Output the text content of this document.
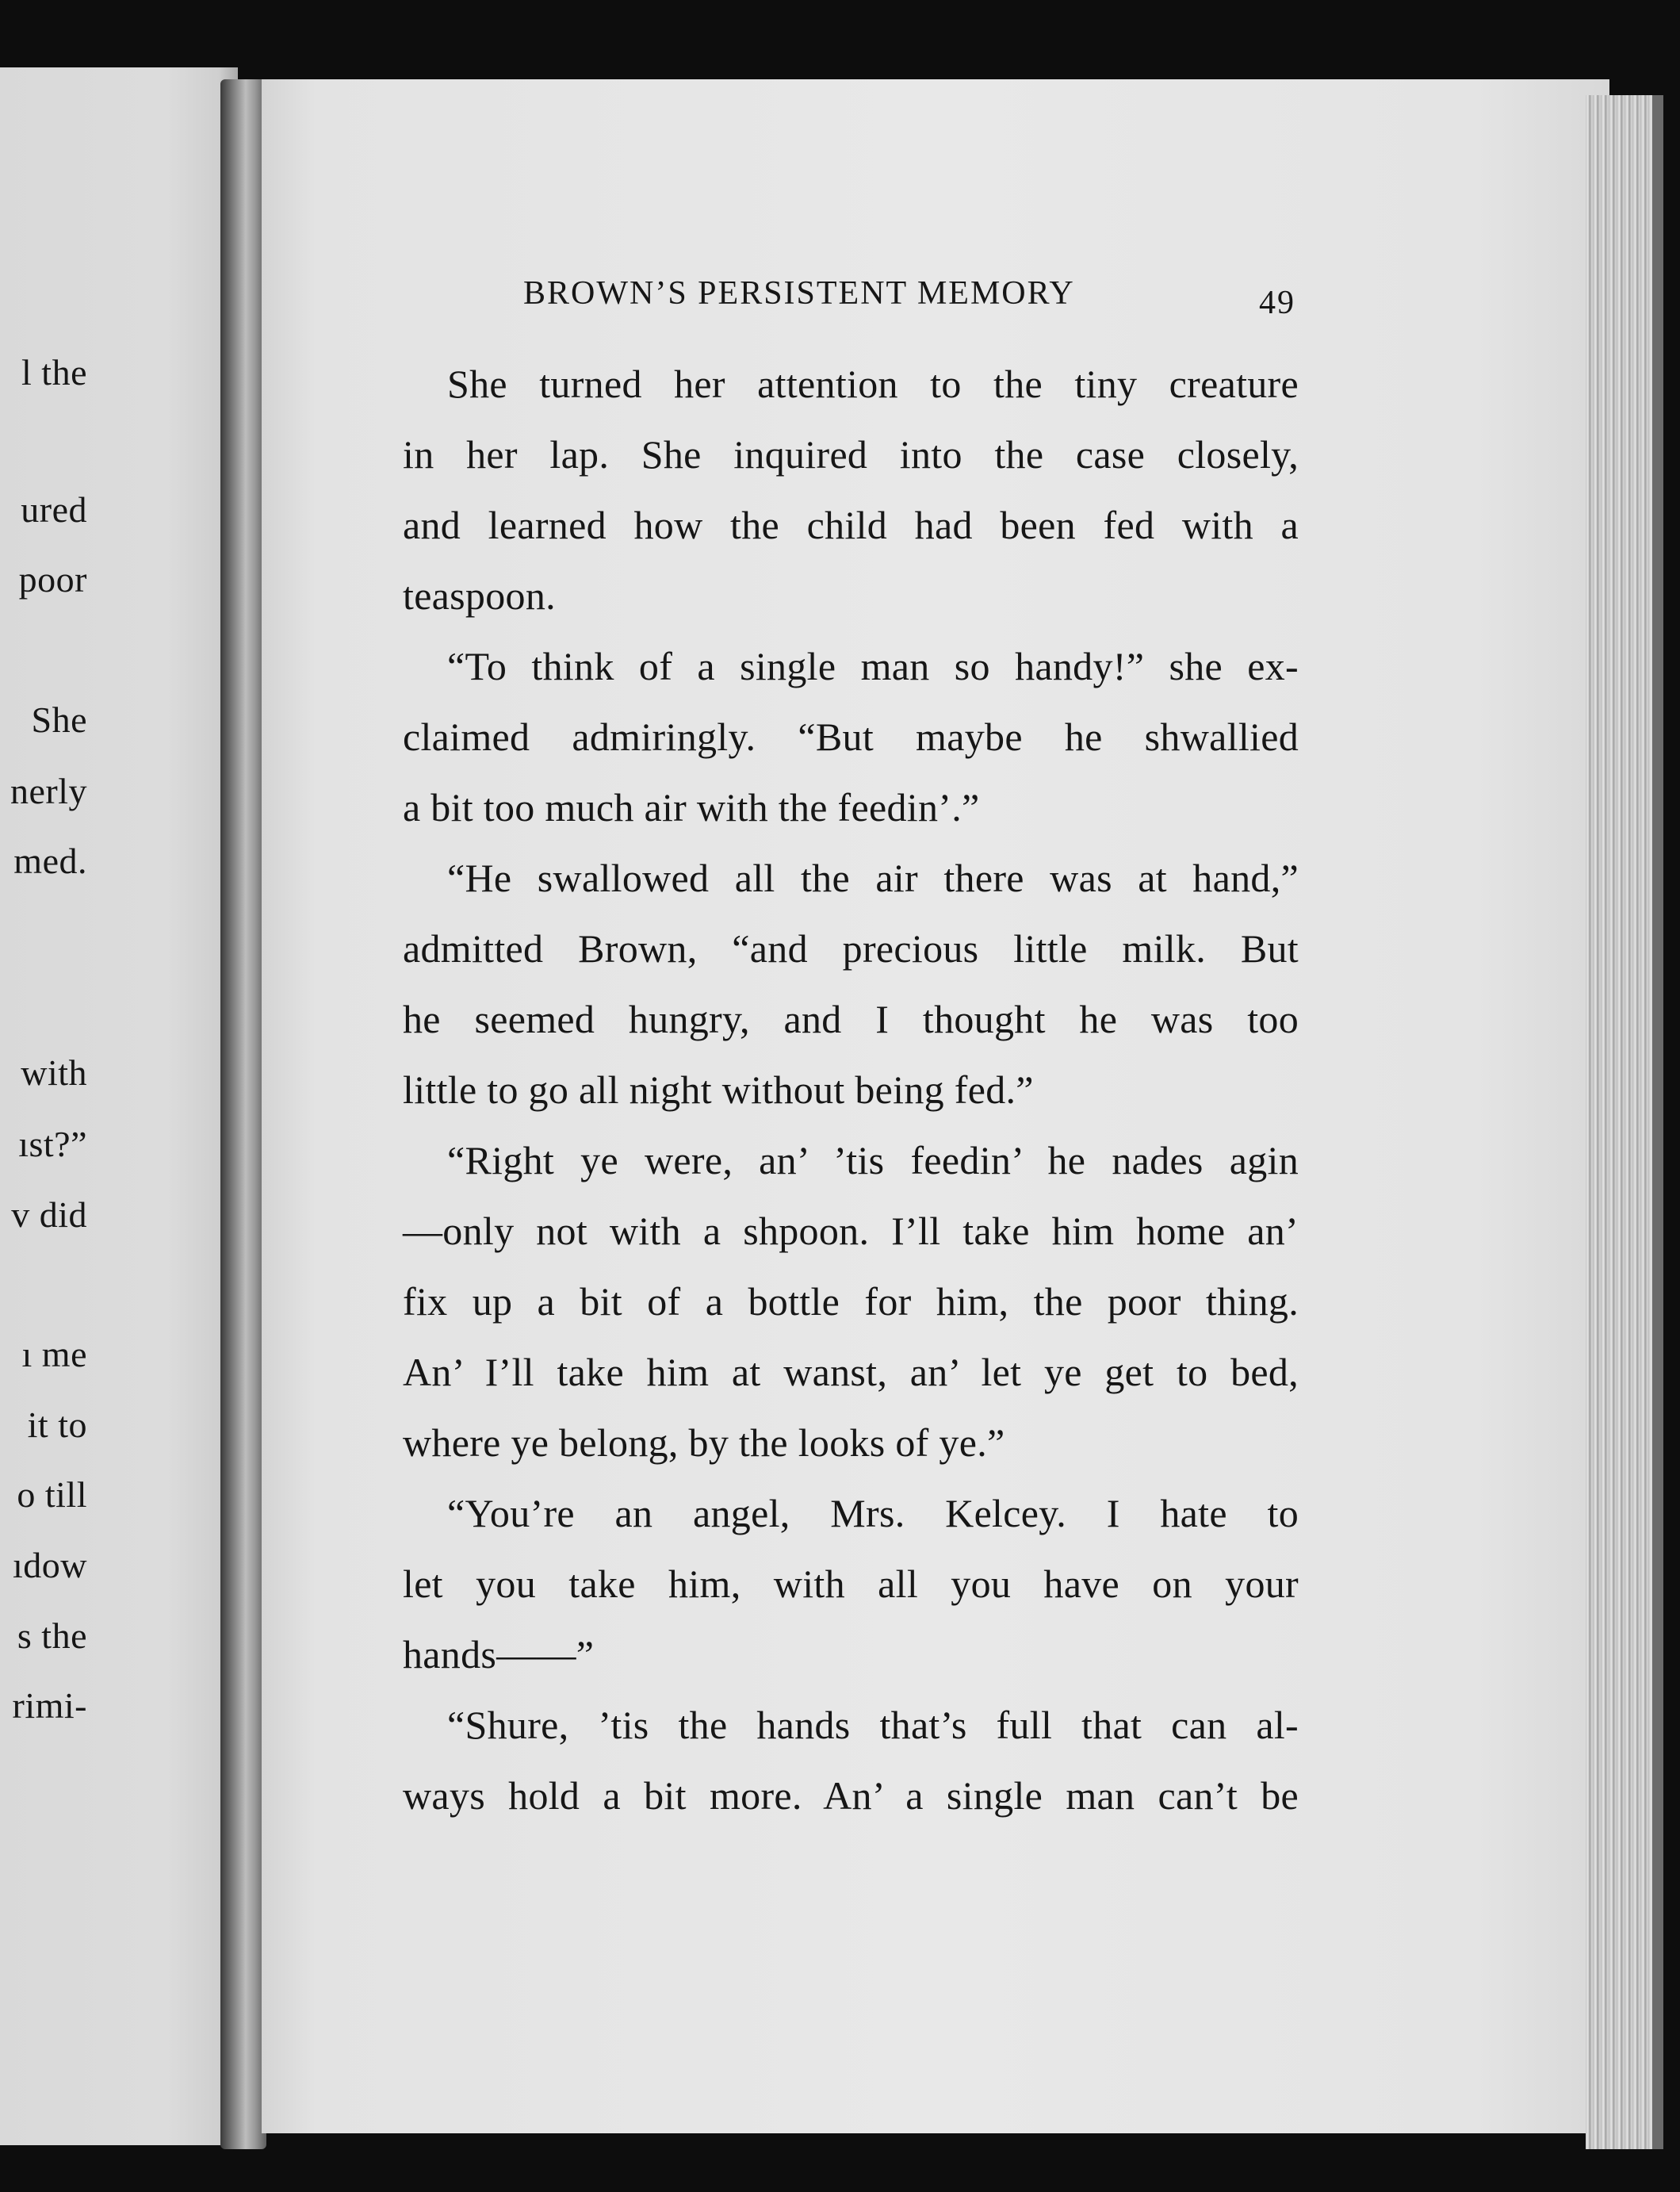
l the
ured
poor
She
nerly
med.
with
ıst?”
v did
ı me
it to
o till
ıdow
s the
rimi-
BROWN’S PERSISTENT MEMORY	49
She turned her attention to the tiny creature
in her lap. She inquired into the case closely,
and learned how the child had been fed with a
teaspoon.
“To think of a single man so handy!” she ex-
claimed admiringly. “But maybe he shwallied
a bit too much air with the feedin’.”
“He swallowed all the air there was at hand,”
admitted Brown, “and precious little milk. But
he seemed hungry, and I thought he was too
little to go all night without being fed.”
“Right ye were, an’ ’tis feedin’ he nades agin
—only not with a shpoon. I’ll take him home an’
fix up a bit of a bottle for him, the poor thing.
An’ I’ll take him at wanst, an’ let ye get to bed,
where ye belong, by the looks of ye.”
“You’re an angel, Mrs. Kelcey. I hate to
let you take him, with all you have on your
hands——”
“Shure, ’tis the hands that’s full that can al-
ways hold a bit more. An’ a single man can’t be
